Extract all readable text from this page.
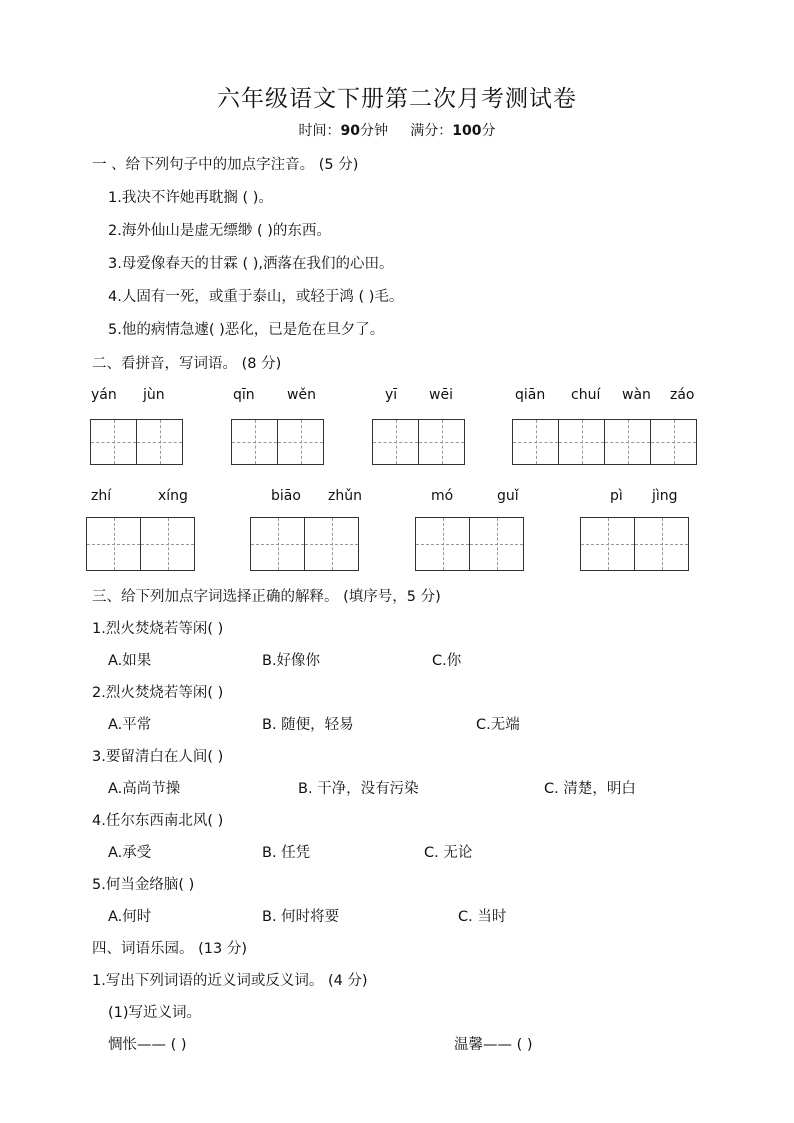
六年级语文下册第二次月考测试卷
时间：90分钟 满分：100分
一 、给下列句子中的加点字注音。 (5 分)
1.我决不许她再耽搁 ( )。
2.海外仙山是虚无缥缈 ( )的东西。
3.母爱像春天的甘霖 ( ),洒落在我们的心田。
4.人固有一死，或重于泰山，或轻于鸿 ( )毛。
5.他的病情急遽( )恶化，已是危在旦夕了。
二、看拼音，写词语。 (8 分)
yán jùn	qīn wěn	yī wēi	qiān chuí wàn záo
zhí	xíng	biāo zhǔn	mó	guǐ	pì jìng
三、给下列加点字词选择正确的解释。 (填序号，5 分)
1.烈火焚烧若等闲( )
A.如果	B.好像你	C.你
2.烈火焚烧若等闲( )
A.平常	B. 随便，轻易	C.无端
3.要留清白在人间( )
A.高尚节操	B. 干净，没有污染	C. 清楚，明白
4.任尔东西南北风( )
A.承受	B. 任凭	C. 无论
5.何当金络脑( )
A.何时	B. 何时将要	C. 当时
四、词语乐园。 (13 分)
1.写出下列词语的近义词或反义词。 (4 分)
(1)写近义词。
惆怅—— ( )	温馨—— ( )
